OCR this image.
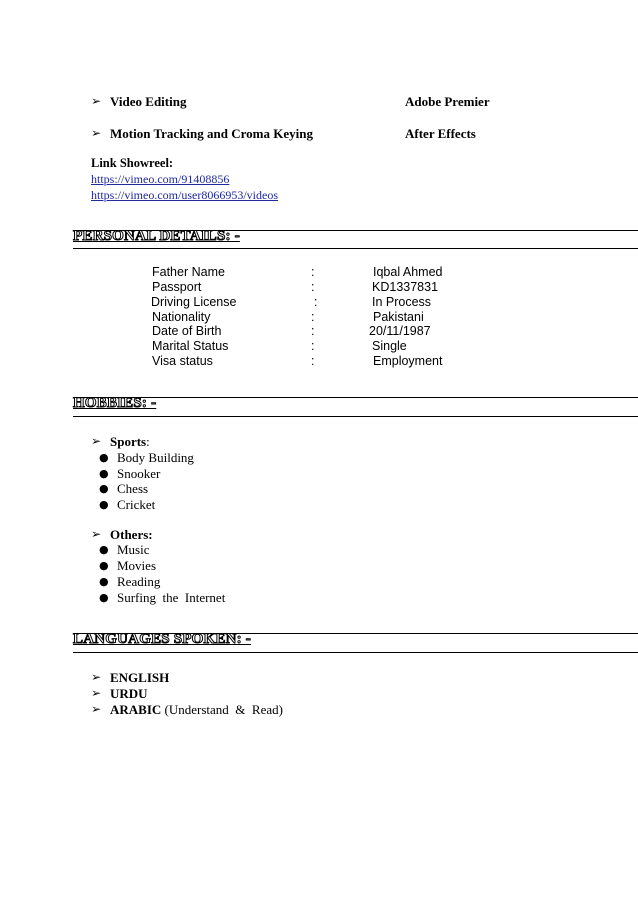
➢ Video Editing	Adobe Premier
➢ Motion Tracking and Croma Keying	After Effects
Link Showreel:
https://vimeo.com/91408856
https://vimeo.com/user8066953/videos
PERSONAL DETAILS: -
Father Name	:	Iqbal Ahmed
Passport	:	KD1337831
Driving License	:	In Process
Nationality	:	Pakistani
Date of Birth	:	20/11/1987
Marital Status	:	Single
Visa status	:	Employment
HOBBIES: -
➢ Sports:
● Body Building
● Snooker
● Chess
● Cricket
➢ Others:
● Music
● Movies
● Reading
● Surfing  the  Internet
LANGUAGES SPOKEN: -
➢ ENGLISH
➢ URDU
➢ ARABIC (Understand  &  Read)
